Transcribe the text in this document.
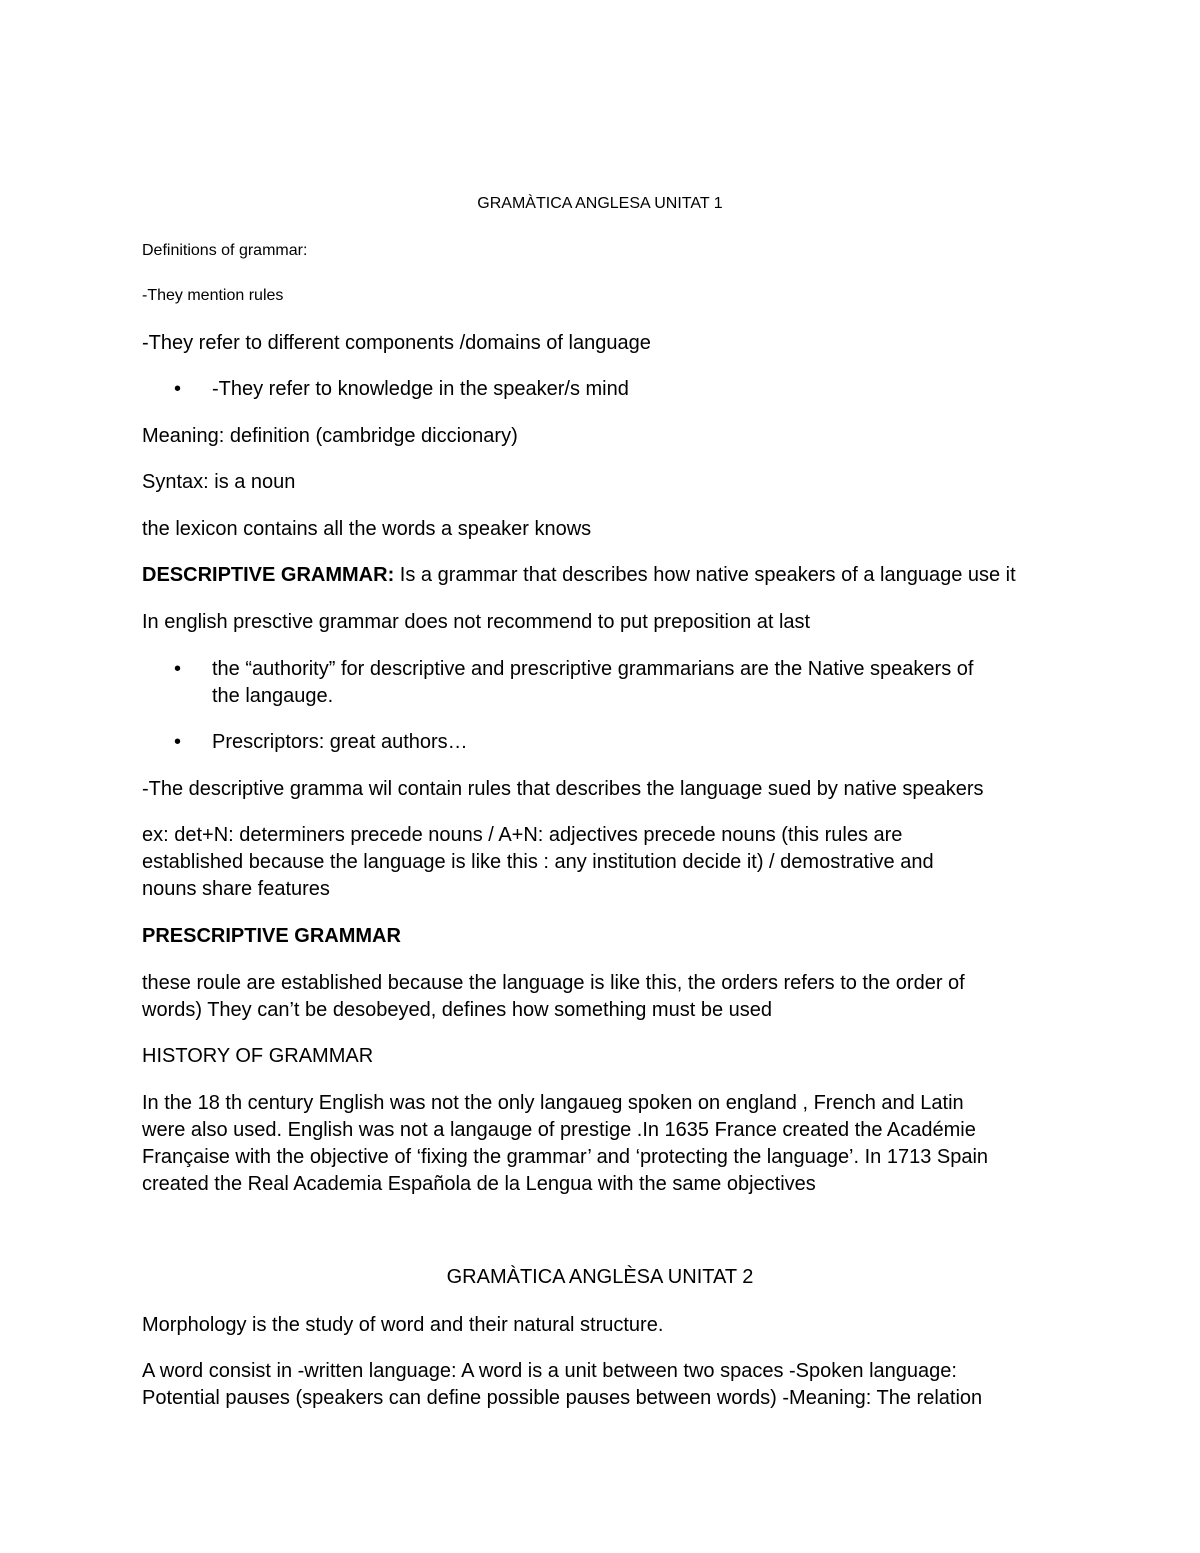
GRAMÀTICA ANGLESA UNITAT 1
Definitions of grammar:
-They mention rules
-They refer to different components /domains of language
• -They refer to knowledge in the speaker/s mind
Meaning: definition (cambridge diccionary)
Syntax: is a noun
the lexicon contains all the words a speaker knows
DESCRIPTIVE GRAMMAR: Is a grammar that describes how native speakers of a language use it
In english presctive grammar does not recommend to put preposition at last
• the “authority” for descriptive and prescriptive grammarians are the Native speakers of
the langauge.
• Prescriptors: great authors…
-The descriptive gramma wil contain rules that describes the language sued by native speakers
ex: det+N: determiners precede nouns / A+N: adjectives precede nouns (this rules are
established because the language is like this : any institution decide it) / demostrative and
nouns share features
PRESCRIPTIVE GRAMMAR
these roule are established because the language is like this, the orders refers to the order of
words) They can’t be desobeyed, defines how something must be used
HISTORY OF GRAMMAR
In the 18 th century English was not the only langaueg spoken on england , French and Latin
were also used. English was not a langauge of prestige .In 1635 France created the Académie
Française with the objective of ‘fixing the grammar’ and ‘protecting the language’. In 1713 Spain
created the Real Academia Española de la Lengua with the same objectives
GRAMÀTICA ANGLÈSA UNITAT 2
Morphology is the study of word and their natural structure.
A word consist in -written language: A word is a unit between two spaces -Spoken language:
Potential pauses (speakers can define possible pauses between words) -Meaning: The relation
